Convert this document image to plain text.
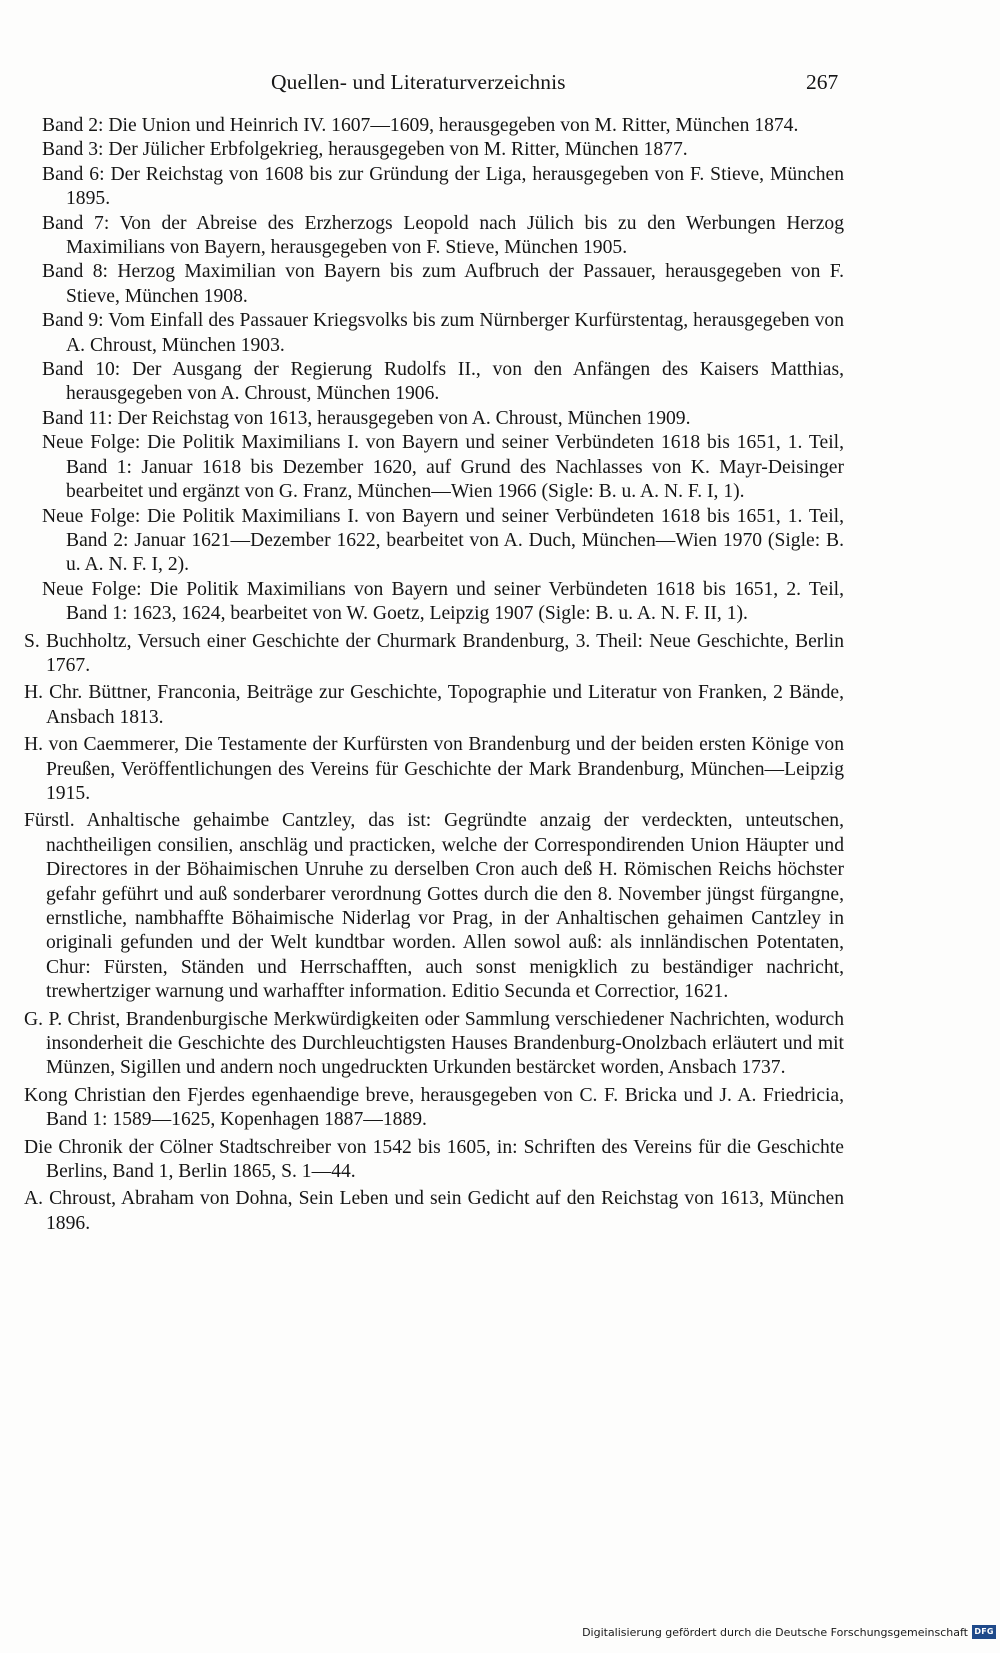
Quellen- und Literaturverzeichnis	267
Band 2: Die Union und Heinrich IV. 1607—1609, herausgegeben von M. Ritter, München 1874.
Band 3: Der Jülicher Erbfolgekrieg, herausgegeben von M. Ritter, München 1877.
Band 6: Der Reichstag von 1608 bis zur Gründung der Liga, herausgegeben von F. Stieve, München 1895.
Band 7: Von der Abreise des Erzherzogs Leopold nach Jülich bis zu den Werbungen Herzog Maximilians von Bayern, herausgegeben von F. Stieve, München 1905.
Band 8: Herzog Maximilian von Bayern bis zum Aufbruch der Passauer, herausgegeben von F. Stieve, München 1908.
Band 9: Vom Einfall des Passauer Kriegsvolks bis zum Nürnberger Kurfürstentag, herausgegeben von A. Chroust, München 1903.
Band 10: Der Ausgang der Regierung Rudolfs II., von den Anfängen des Kaisers Matthias, herausgegeben von A. Chroust, München 1906.
Band 11: Der Reichstag von 1613, herausgegeben von A. Chroust, München 1909.
Neue Folge: Die Politik Maximilians I. von Bayern und seiner Verbündeten 1618 bis 1651, 1. Teil, Band 1: Januar 1618 bis Dezember 1620, auf Grund des Nachlasses von K. Mayr-Deisinger bearbeitet und ergänzt von G. Franz, München—Wien 1966 (Sigle: B. u. A. N. F. I, 1).
Neue Folge: Die Politik Maximilians I. von Bayern und seiner Verbündeten 1618 bis 1651, 1. Teil, Band 2: Januar 1621—Dezember 1622, bearbeitet von A. Duch, München—Wien 1970 (Sigle: B. u. A. N. F. I, 2).
Neue Folge: Die Politik Maximilians von Bayern und seiner Verbündeten 1618 bis 1651, 2. Teil, Band 1: 1623, 1624, bearbeitet von W. Goetz, Leipzig 1907 (Sigle: B. u. A. N. F. II, 1).
S. Buchholtz, Versuch einer Geschichte der Churmark Brandenburg, 3. Theil: Neue Geschichte, Berlin 1767.
H. Chr. Büttner, Franconia, Beiträge zur Geschichte, Topographie und Literatur von Franken, 2 Bände, Ansbach 1813.
H. von Caemmerer, Die Testamente der Kurfürsten von Brandenburg und der beiden ersten Könige von Preußen, Veröffentlichungen des Vereins für Geschichte der Mark Brandenburg, München—Leipzig 1915.
Fürstl. Anhaltische gehaimbe Cantzley, das ist: Gegründte anzaig der verdeckten, unteutschen, nachtheiligen consilien, anschläg und practicken, welche der Correspondirenden Union Häupter und Directores in der Böhaimischen Unruhe zu derselben Cron auch deß H. Römischen Reichs höchster gefahr geführt und auß sonderbarer verordnung Gottes durch die den 8. November jüngst fürgangne, ernstliche, nambhaffte Böhaimische Niderlag vor Prag, in der Anhaltischen gehaimen Cantzley in originali gefunden und der Welt kundtbar worden. Allen sowol auß: als innländischen Potentaten, Chur: Fürsten, Ständen und Herrschafften, auch sonst menigklich zu beständiger nachricht, trewhertziger warnung und warhaffter information. Editio Secunda et Correctior, 1621.
G. P. Christ, Brandenburgische Merkwürdigkeiten oder Sammlung verschiedener Nachrichten, wodurch insonderheit die Geschichte des Durchleuchtigsten Hauses Brandenburg-Onolzbach erläutert und mit Münzen, Sigillen und andern noch ungedruckten Urkunden bestärcket worden, Ansbach 1737.
Kong Christian den Fjerdes egenhaendige breve, herausgegeben von C. F. Bricka und J. A. Friedricia, Band 1: 1589—1625, Kopenhagen 1887—1889.
Die Chronik der Cölner Stadtschreiber von 1542 bis 1605, in: Schriften des Vereins für die Geschichte Berlins, Band 1, Berlin 1865, S. 1—44.
A. Chroust, Abraham von Dohna, Sein Leben und sein Gedicht auf den Reichstag von 1613, München 1896.
Digitalisierung gefördert durch die Deutsche Forschungsgemeinschaft DFG
